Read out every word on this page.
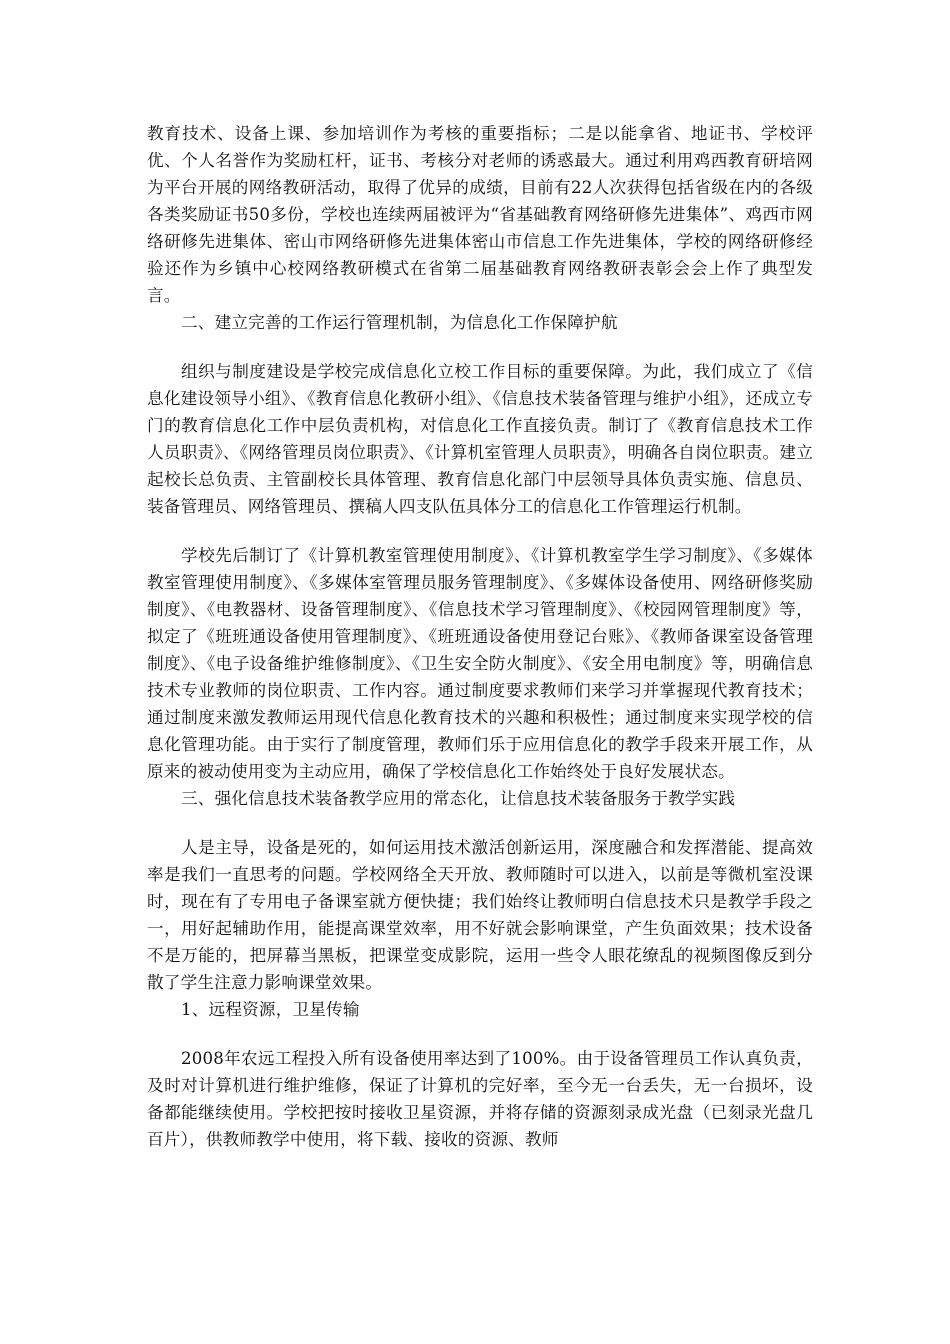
教育技术、设备上课、参加培训作为考核的重要指标；二是以能拿省、地证书、学校评优、个人名誉作为奖励杠杆，证书、考核分对老师的诱惑最大。通过利用鸡西教育研培网为平台开展的网络教研活动，取得了优异的成绩，目前有22人次获得包括省级在内的各级各类奖励证书50多份，学校也连续两届被评为“省基础教育网络研修先进集体”、鸡西市网络研修先进集体、密山市网络研修先进集体密山市信息工作先进集体，学校的网络研修经验还作为乡镇中心校网络教研模式在省第二届基础教育网络教研表彰会会上作了典型发言。

二、建立完善的工作运行管理机制，为信息化工作保障护航

组织与制度建设是学校完成信息化立校工作目标的重要保障。为此，我们成立了《信息化建设领导小组》、《教育信息化教研小组》、《信息技术装备管理与维护小组》，还成立专门的教育信息化工作中层负责机构，对信息化工作直接负责。制订了《教育信息技术工作人员职责》、《网络管理员岗位职责》、《计算机室管理人员职责》，明确各自岗位职责。建立起校长总负责、主管副校长具体管理、教育信息化部门中层领导具体负责实施、信息员、装备管理员、网络管理员、撰稿人四支队伍具体分工的信息化工作管理运行机制。

学校先后制订了《计算机教室管理使用制度》、《计算机教室学生学习制度》、《多媒体教室管理使用制度》、《多媒体室管理员服务管理制度》、《多媒体设备使用、网络研修奖励制度》、《电教器材、设备管理制度》、《信息技术学习管理制度》、《校园网管理制度》等，拟定了《班班通设备使用管理制度》、《班班通设备使用登记台账》、《教师备课室设备管理制度》、《电子设备维护维修制度》、《卫生安全防火制度》、《安全用电制度》等，明确信息技术专业教师的岗位职责、工作内容。通过制度要求教师们来学习并掌握现代教育技术；通过制度来激发教师运用现代信息化教育技术的兴趣和积极性；通过制度来实现学校的信息化管理功能。由于实行了制度管理，教师们乐于应用信息化的教学手段来开展工作，从原来的被动使用变为主动应用，确保了学校信息化工作始终处于良好发展状态。

三、强化信息技术装备教学应用的常态化，让信息技术装备服务于教学实践

人是主导，设备是死的，如何运用技术激活创新运用，深度融合和发挥潜能、提高效率是我们一直思考的问题。学校网络全天开放、教师随时可以进入，以前是等微机室没课时，现在有了专用电子备课室就方便快捷；我们始终让教师明白信息技术只是教学手段之一，用好起辅助作用，能提高课堂效率，用不好就会影响课堂，产生负面效果；技术设备不是万能的，把屏幕当黑板，把课堂变成影院，运用一些令人眼花缭乱的视频图像反到分散了学生注意力影响课堂效果。

1、远程资源，卫星传输

2008年农远工程投入所有设备使用率达到了100%。由于设备管理员工作认真负责，及时对计算机进行维护维修，保证了计算机的完好率，至今无一台丢失，无一台损坏，设备都能继续使用。学校把按时接收卫星资源，并将存储的资源刻录成光盘（已刻录光盘几百片），供教师教学中使用，将下载、接收的资源、教师
